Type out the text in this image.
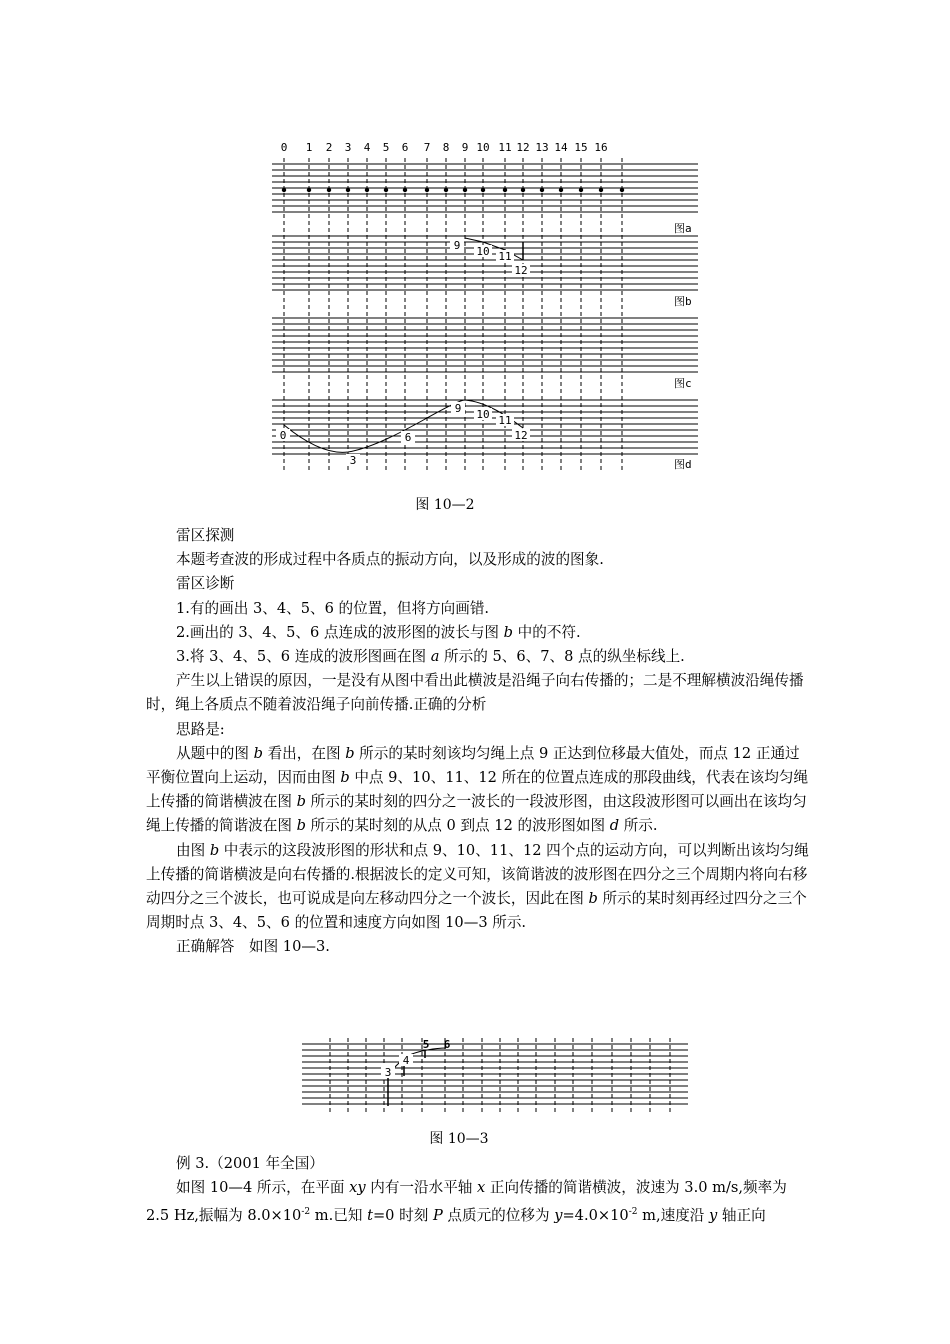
0 1 2 3 4 5 6 7 8 9 10 11 12 13 14 15 16
图a
图b
图c
图d
9 10 11
12
0
3
6
9 10 11
12
图 10—2

雷区探测

本题考查波的形成过程中各质点的振动方向，以及形成的波的图象.

雷区诊断

1.有的画出 3、4、5、6 的位置，但将方向画错.

2.画出的 3、4、5、6 点连成的波形图的波长与图 b 中的不符.

3.将 3、4、5、6 连成的波形图画在图 a 所示的 5、6、7、8 点的纵坐标线上.

产生以上错误的原因，一是没有从图中看出此横波是沿绳子向右传播的；二是不理解横波沿绳传播时，绳上各质点不随着波沿绳子向前传播.正确的分析

思路是:

从题中的图 b 看出，在图 b 所示的某时刻该均匀绳上点 9 正达到位移最大值处，而点 12 正通过平衡位置向上运动，因而由图 b 中点 9、10、11、12 所在的位置点连成的那段曲线，代表在该均匀绳上传播的简谐横波在图 b 所示的某时刻的四分之一波长的一段波形图，由这段波形图可以画出在该均匀绳上传播的简谐波在图 b 所示的某时刻的从点 0 到点 12 的波形图如图 d 所示.

由图 b 中表示的这段波形图的形状和点 9、10、11、12 四个点的运动方向，可以判断出该均匀绳上传播的简谐横波是向右传播的.根据波长的定义可知，该简谐波的波形图在四分之三个周期内将向右移动四分之三个波长，也可说成是向左移动四分之一个波长，因此在图 b 所示的某时刻再经过四分之三个周期时点 3、4、5、6 的位置和速度方向如图 10—3 所示.

正确解答　如图 10—3.

3
4
5 6
图 10—3

例 3.（2001 年全国）

如图 10—4 所示，在平面 xy 内有一沿水平轴 x 正向传播的简谐横波，波速为 3.0 m/s,频率为 2.5 Hz,振幅为 $8.0\times 10^{-2}$ m.已知 t=0 时刻 P 点质元的位移为 $y=4.0\times 10^{-2}$ m,速度沿 y 轴正向
